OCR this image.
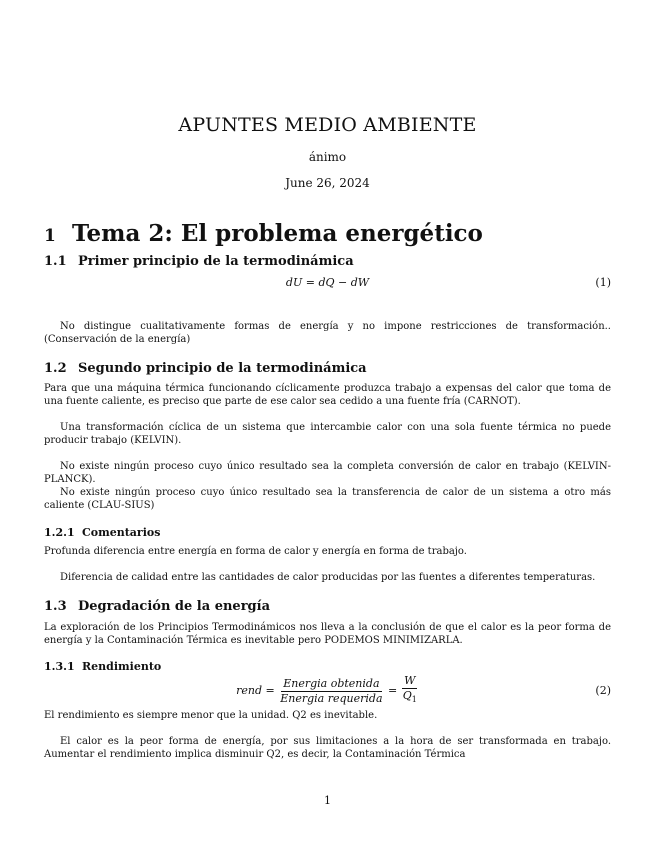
APUNTES MEDIO AMBIENTE
ánimo
June 26, 2024
1 Tema 2: El problema energético
1.1 Primer principio de la termodinámica
dU = dQ − dW	(1)
No distingue cualitativamente formas de energía y no impone restricciones de transformación.. (Conservación de la energía)
1.2 Segundo principio de la termodinámica
Para que una máquina térmica funcionando cíclicamente produzca trabajo a expensas del calor que toma de una fuente caliente, es preciso que parte de ese calor sea cedido a una fuente fría (CARNOT).
Una transformación cíclica de un sistema que intercambie calor con una sola fuente térmica no puede producir trabajo (KELVIN).
No existe ningún proceso cuyo único resultado sea la completa conversión de calor en trabajo (KELVIN-PLANCK).
No existe ningún proceso cuyo único resultado sea la transferencia de calor de un sistema a otro más caliente (CLAU-SIUS)
1.2.1 Comentarios
Profunda diferencia entre energía en forma de calor y energía en forma de trabajo.
Diferencia de calidad entre las cantidades de calor producidas por las fuentes a diferentes temperaturas.
1.3 Degradación de la energía
La exploración de los Principios Termodinámicos nos lleva a la conclusión de que el calor es la peor forma de energía y la Contaminación Térmica es inevitable pero PODEMOS MINIMIZARLA.
1.3.1 Rendimiento
rend = $\frac{\text{Energia obtenida}}{\text{Energia requerida}} = \frac{W}{Q_1}$	(2)
El rendimiento es siempre menor que la unidad. Q2 es inevitable.
El calor es la peor forma de energía, por sus limitaciones a la hora de ser transformada en trabajo. Aumentar el rendimiento implica disminuir Q2, es decir, la Contaminación Térmica
1
